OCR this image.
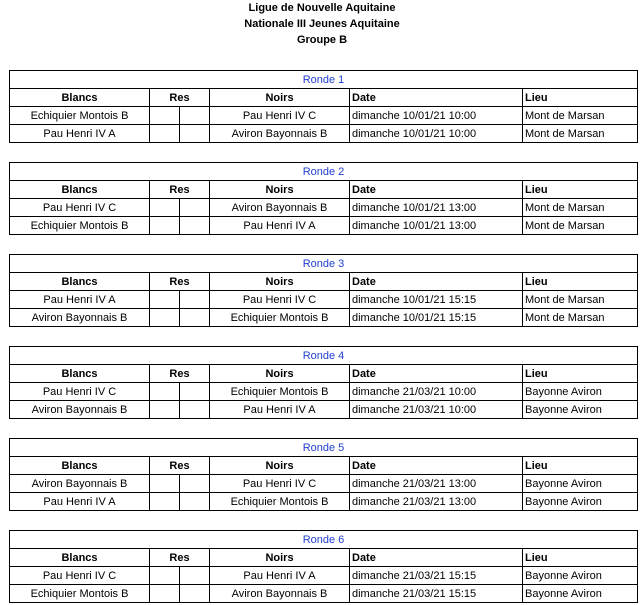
Ligue de Nouvelle Aquitaine
Nationale III Jeunes Aquitaine
Groupe B
Ronde 1					
Blancs	Res		Noirs	Date	Lieu
Echiquier Montois B			Pau Henri IV C	dimanche 10/01/21 10:00	Mont de Marsan
Pau Henri IV A			Aviron Bayonnais B	dimanche 10/01/21 10:00	Mont de Marsan
Ronde 2					
Blancs	Res		Noirs	Date	Lieu
Pau Henri IV C			Aviron Bayonnais B	dimanche 10/01/21 13:00	Mont de Marsan
Echiquier Montois B			Pau Henri IV A	dimanche 10/01/21 13:00	Mont de Marsan
Ronde 3					
Blancs	Res		Noirs	Date	Lieu
Pau Henri IV A			Pau Henri IV C	dimanche 10/01/21 15:15	Mont de Marsan
Aviron Bayonnais B			Echiquier Montois B	dimanche 10/01/21 15:15	Mont de Marsan
Ronde 4					
Blancs	Res		Noirs	Date	Lieu
Pau Henri IV C			Echiquier Montois B	dimanche 21/03/21 10:00	Bayonne Aviron
Aviron Bayonnais B			Pau Henri IV A	dimanche 21/03/21 10:00	Bayonne Aviron
Ronde 5					
Blancs	Res		Noirs	Date	Lieu
Aviron Bayonnais B			Pau Henri IV C	dimanche 21/03/21 13:00	Bayonne Aviron
Pau Henri IV A			Echiquier Montois B	dimanche 21/03/21 13:00	Bayonne Aviron
Ronde 6					
Blancs	Res		Noirs	Date	Lieu
Pau Henri IV C			Pau Henri IV A	dimanche 21/03/21 15:15	Bayonne Aviron
Echiquier Montois B			Aviron Bayonnais B	dimanche 21/03/21 15:15	Bayonne Aviron
